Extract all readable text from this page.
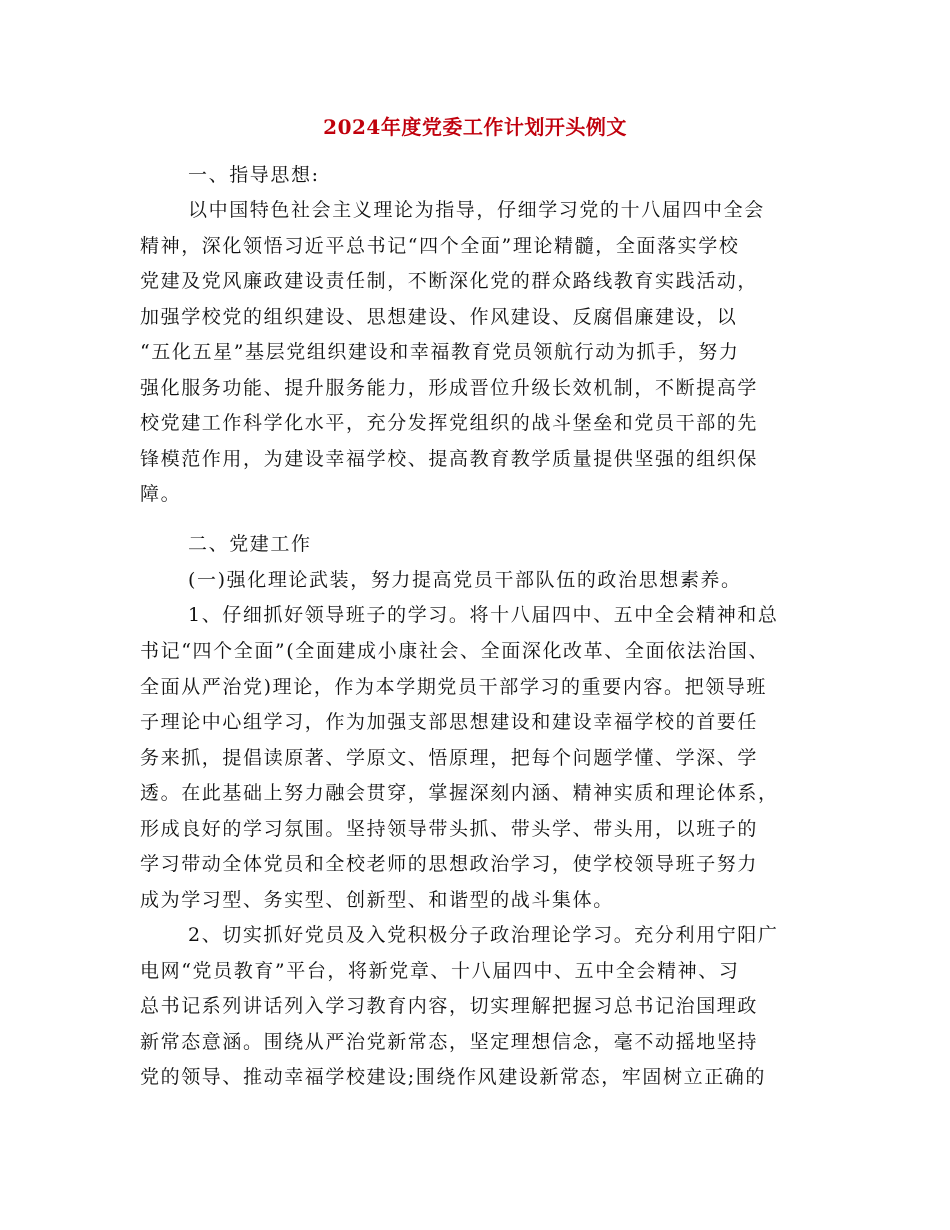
2024年度党委工作计划开头例文
一、指导思想:
以中国特色社会主义理论为指导，仔细学习党的十八届四中全会
精神，深化领悟习近平总书记“四个全面”理论精髓，全面落实学校
党建及党风廉政建设责任制，不断深化党的群众路线教育实践活动，
加强学校党的组织建设、思想建设、作风建设、反腐倡廉建设，以
“五化五星”基层党组织建设和幸福教育党员领航行动为抓手，努力
强化服务功能、提升服务能力，形成晋位升级长效机制，不断提高学
校党建工作科学化水平，充分发挥党组织的战斗堡垒和党员干部的先
锋模范作用，为建设幸福学校、提高教育教学质量提供坚强的组织保
障。
二、党建工作
(一)强化理论武装，努力提高党员干部队伍的政治思想素养。
1、仔细抓好领导班子的学习。将十八届四中、五中全会精神和总
书记“四个全面”(全面建成小康社会、全面深化改革、全面依法治国、
全面从严治党)理论，作为本学期党员干部学习的重要内容。把领导班
子理论中心组学习，作为加强支部思想建设和建设幸福学校的首要任
务来抓，提倡读原著、学原文、悟原理，把每个问题学懂、学深、学
透。在此基础上努力融会贯穿，掌握深刻内涵、精神实质和理论体系，
形成良好的学习氛围。坚持领导带头抓、带头学、带头用，以班子的
学习带动全体党员和全校老师的思想政治学习，使学校领导班子努力
成为学习型、务实型、创新型、和谐型的战斗集体。
2、切实抓好党员及入党积极分子政治理论学习。充分利用宁阳广
电网“党员教育”平台，将新党章、十八届四中、五中全会精神、习
总书记系列讲话列入学习教育内容，切实理解把握习总书记治国理政
新常态意涵。围绕从严治党新常态，坚定理想信念，毫不动摇地坚持
党的领导、推动幸福学校建设;围绕作风建设新常态，牢固树立正确的
